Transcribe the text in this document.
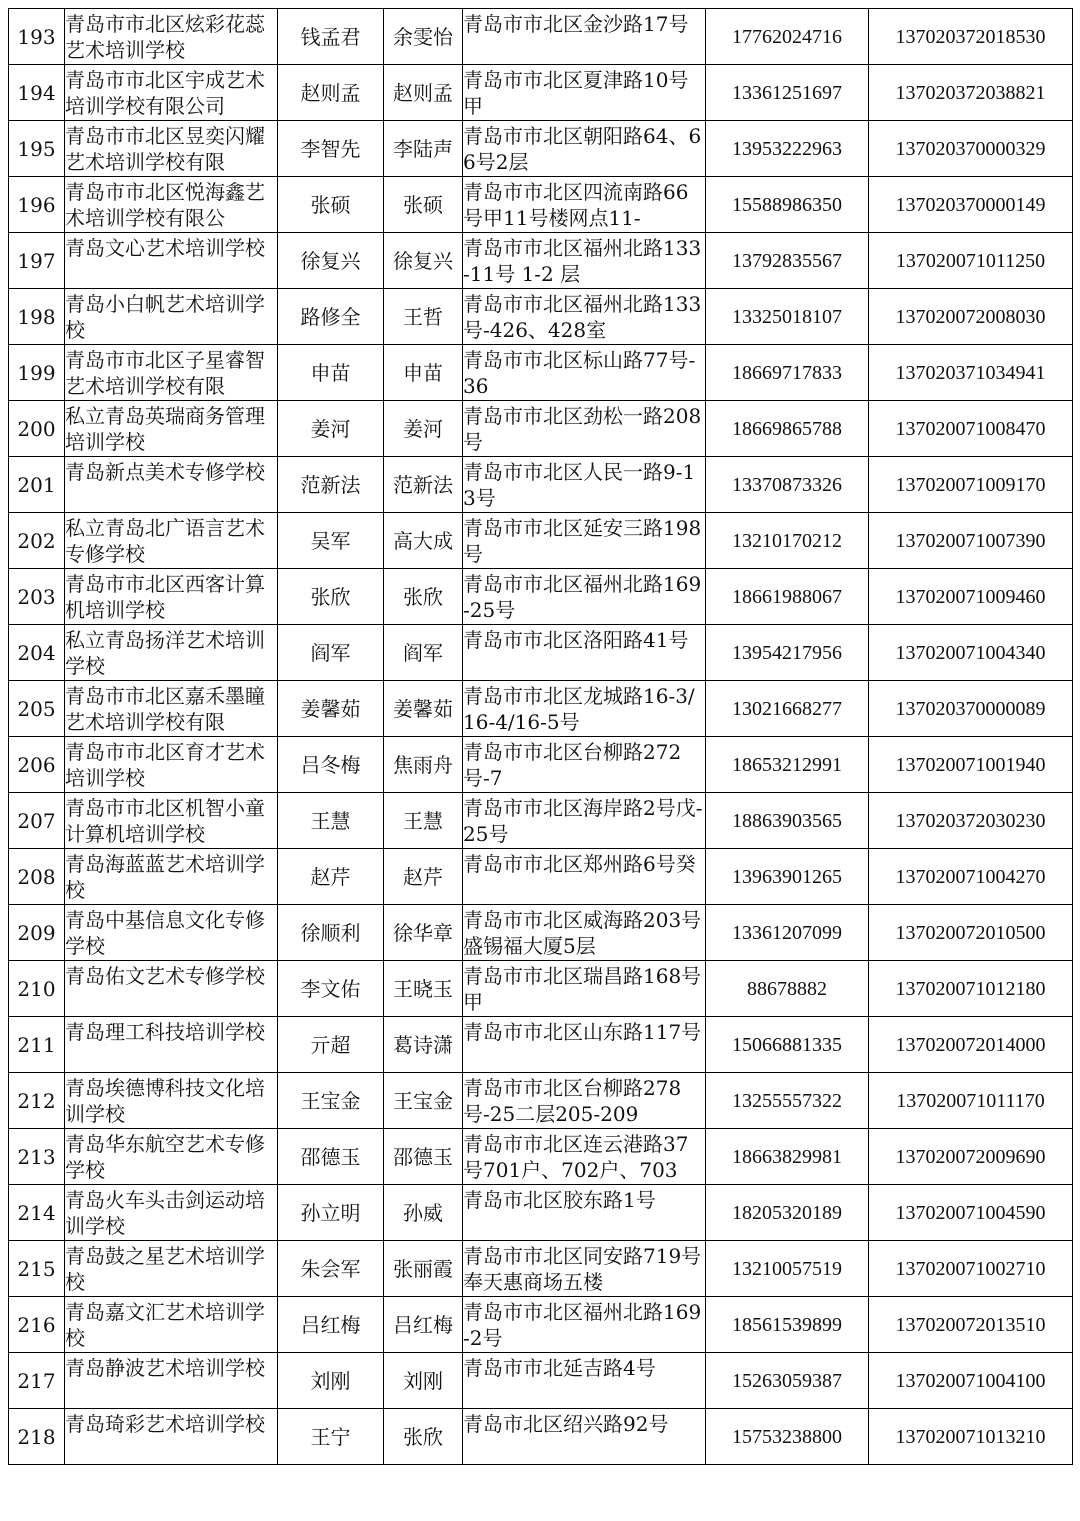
193	青岛市市北区炫彩花蕊艺术培训学校	钱孟君	余雯怡	青岛市市北区金沙路17号	17762024716	137020372018530
194	青岛市市北区宇成艺术培训学校有限公司	赵则孟	赵则孟	青岛市市北区夏津路10号甲	13361251697	137020372038821
195	青岛市市北区昱奕闪耀艺术培训学校有限	李智先	李陆声	青岛市市北区朝阳路64、66号2层	13953222963	137020370000329
196	青岛市市北区悦海鑫艺术培训学校有限公	张硕	张硕	青岛市市北区四流南路66号甲11号楼网点11-	15588986350	137020370000149
197	青岛文心艺术培训学校	徐复兴	徐复兴	青岛市市北区福州北路133-11号 1-2 层	13792835567	137020071011250
198	青岛小白帆艺术培训学校	路修全	王哲	青岛市市北区福州北路133号-426、428室	13325018107	137020072008030
199	青岛市市北区子星睿智艺术培训学校有限	申苗	申苗	青岛市市北区标山路77号-36	18669717833	137020371034941
200	私立青岛英瑞商务管理培训学校	姜河	姜河	青岛市市北区劲松一路208号	18669865788	137020071008470
201	青岛新点美术专修学校	范新法	范新法	青岛市市北区人民一路9-13号	13370873326	137020071009170
202	私立青岛北广语言艺术专修学校	吴军	高大成	青岛市市北区延安三路198号	13210170212	137020071007390
203	青岛市市北区西客计算机培训学校	张欣	张欣	青岛市市北区福州北路169-25号	18661988067	137020071009460
204	私立青岛扬洋艺术培训学校	阎军	阎军	青岛市市北区洛阳路41号	13954217956	137020071004340
205	青岛市市北区嘉禾墨瞳艺术培训学校有限	姜馨茹	姜馨茹	青岛市市北区龙城路16-3/16-4/16-5号	13021668277	137020370000089
206	青岛市市北区育才艺术培训学校	吕冬梅	焦雨舟	青岛市市北区台柳路272号-7	18653212991	137020071001940
207	青岛市市北区机智小童计算机培训学校	王慧	王慧	青岛市市北区海岸路2号戊-25号	18863903565	137020372030230
208	青岛海蓝蓝艺术培训学校	赵芹	赵芹	青岛市市北区郑州路6号癸	13963901265	137020071004270
209	青岛中基信息文化专修学校	徐顺利	徐华章	青岛市市北区威海路203号盛锡福大厦5层	13361207099	137020072010500
210	青岛佑文艺术专修学校	李文佑	王晓玉	青岛市市北区瑞昌路168号甲	88678882	137020071012180
211	青岛理工科技培训学校	亓超	葛诗潇	青岛市市北区山东路117号	15066881335	137020072014000
212	青岛埃德博科技文化培训学校	王宝金	王宝金	青岛市市北区台柳路278号-25二层205-209	13255557322	137020071011170
213	青岛华东航空艺术专修学校	邵德玉	邵德玉	青岛市市北区连云港路37号701户、702户、703	18663829981	137020072009690
214	青岛火车头击剑运动培训学校	孙立明	孙威	青岛市北区胶东路1号	18205320189	137020071004590
215	青岛鼓之星艺术培训学校	朱会军	张丽霞	青岛市市北区同安路719号奉天惠商场五楼	13210057519	137020071002710
216	青岛嘉文汇艺术培训学校	吕红梅	吕红梅	青岛市市北区福州北路169-2号	18561539899	137020072013510
217	青岛静波艺术培训学校	刘刚	刘刚	青岛市市北延吉路4号	15263059387	137020071004100
218	青岛琦彩艺术培训学校	王宁	张欣	青岛市北区绍兴路92号	15753238800	137020071013210
